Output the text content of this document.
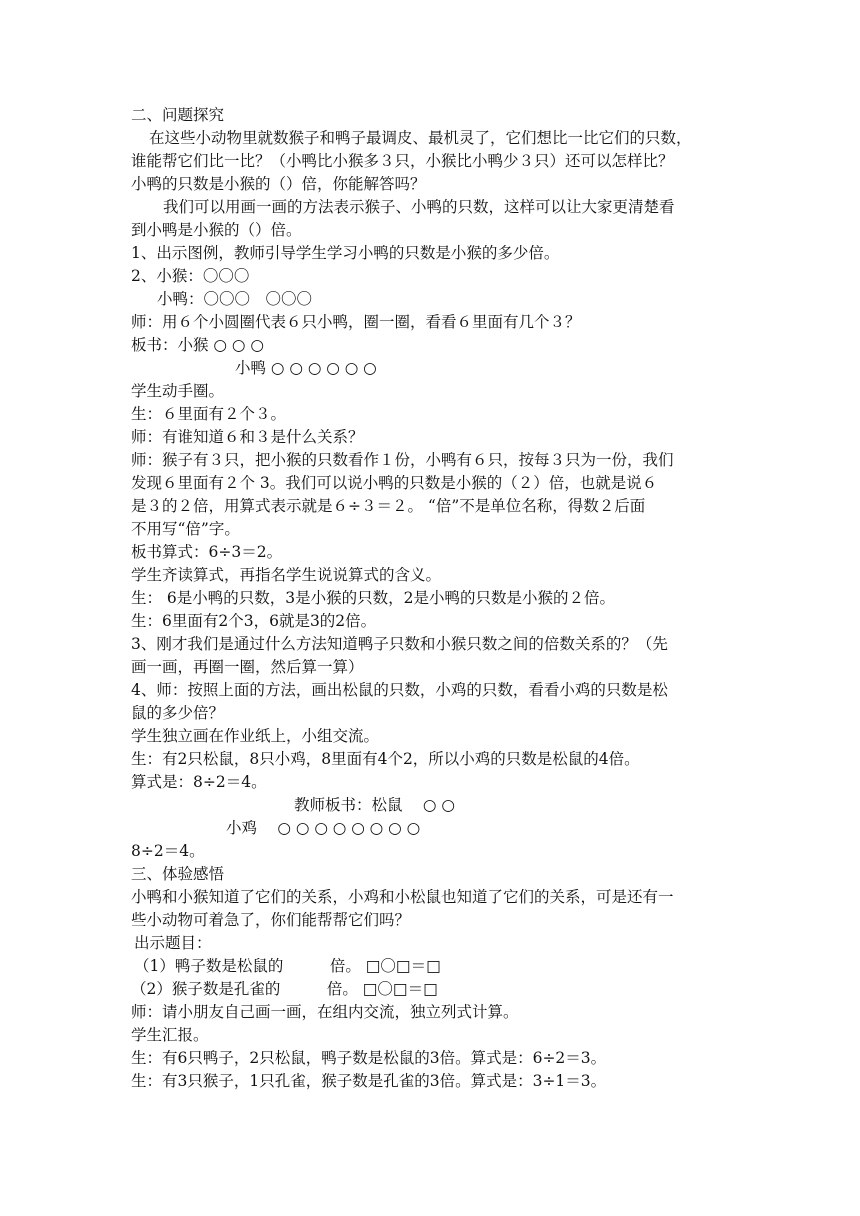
二、问题探究
在这些小动物里就数猴子和鸭子最调皮、最机灵了，它们想比一比它们的只数，
谁能帮它们比一比？（小鸭比小猴多３只，小猴比小鸭少３只）还可以怎样比？
小鸭的只数是小猴的（）倍，你能解答吗？
我们可以用画一画的方法表示猴子、小鸭的只数，这样可以让大家更清楚看
到小鸭是小猴的（）倍。
1、出示图例，教师引导学生学习小鸭的只数是小猴的多少倍。
2、小猴：〇〇〇
小鸭：〇〇〇　〇〇〇
师：用６个小圆圈代表６只小鸭，圈一圈，看看６里面有几个３？
板书：小猴 ○ ○ ○
小鸭 ○ ○ ○ ○ ○ ○
学生动手圈。
生：６里面有２个３。
师：有谁知道６和３是什么关系？
师：猴子有３只，把小猴的只数看作１份，小鸭有６只，按每３只为一份，我们
发现６里面有２个 3。我们可以说小鸭的只数是小猴的（２）倍，也就是说６
是３的２倍，用算式表示就是６÷３＝２。 “倍”不是单位名称，得数２后面
不用写“倍”字。
板书算式：6÷3＝2。
学生齐读算式，再指名学生说说算式的含义。
生： 6是小鸭的只数，3是小猴的只数，2是小鸭的只数是小猴的２倍。
生：6里面有2个3，6就是3的2倍。
3、刚才我们是通过什么方法知道鸭子只数和小猴只数之间的倍数关系的？（先
画一画，再圈一圈，然后算一算）
4、师：按照上面的方法，画出松鼠的只数，小鸡的只数，看看小鸡的只数是松
鼠的多少倍？
学生独立画在作业纸上，小组交流。
生：有2只松鼠，8只小鸡，8里面有4个2，所以小鸡的只数是松鼠的4倍。
算式是：8÷2＝4。
教师板书：松鼠　 ○ ○
小鸡　 ○ ○ ○ ○ ○ ○ ○ ○
8÷2＝4。
三、体验感悟
小鸭和小猴知道了它们的关系，小鸡和小松鼠也知道了它们的关系，可是还有一
些小动物可着急了，你们能帮帮它们吗？
出示题目：
（1）鸭子数是松鼠的　　　倍。 □〇□＝□
（2）猴子数是孔雀的　　　倍。 □〇□＝□
师：请小朋友自己画一画，在组内交流，独立列式计算。
学生汇报。
生：有6只鸭子，2只松鼠，鸭子数是松鼠的3倍。算式是：6÷2＝3。
生：有3只猴子，1只孔雀，猴子数是孔雀的3倍。算式是：3÷1＝3。
